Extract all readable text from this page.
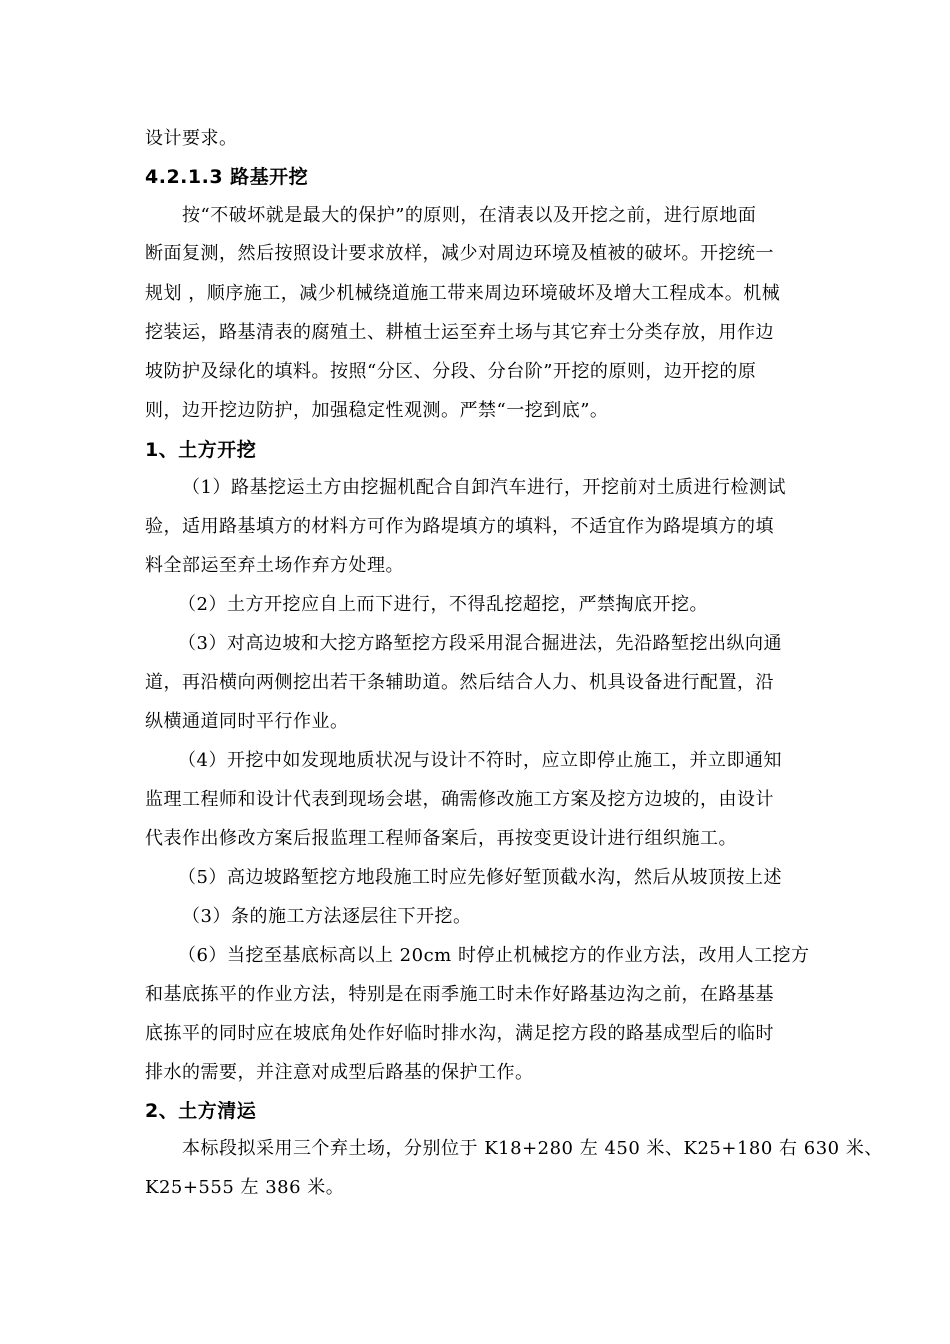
设计要求。
4.2.1.3 路基开挖
按“不破坏就是最大的保护”的原则，在清表以及开挖之前，进行原地面
断面复测，然后按照设计要求放样，减少对周边环境及植被的破坏。开挖统一
规划 ，顺序施工，减少机械绕道施工带来周边环境破坏及增大工程成本。机械
挖装运，路基清表的腐殖土、耕植士运至弃土场与其它弃士分类存放，用作边
坡防护及绿化的填料。按照“分区、分段、分台阶”开挖的原则，边开挖的原
则，边开挖边防护，加强稳定性观测。严禁“一挖到底”。
1、土方开挖
（1）路基挖运土方由挖掘机配合自卸汽车进行，开挖前对土质进行检测试
验，适用路基填方的材料方可作为路堤填方的填料，不适宜作为路堤填方的填
料全部运至弃土场作弃方处理。
（2）土方开挖应自上而下进行，不得乱挖超挖，严禁掏底开挖。
（3）对高边坡和大挖方路堑挖方段采用混合掘进法，先沿路堑挖出纵向通
道，再沿横向两侧挖出若干条辅助道。然后结合人力、机具设备进行配置，沿
纵横通道同时平行作业。
（4）开挖中如发现地质状况与设计不符时，应立即停止施工，并立即通知
监理工程师和设计代表到现场会堪，确需修改施工方案及挖方边坡的，由设计
代表作出修改方案后报监理工程师备案后，再按变更设计进行组织施工。
（5）高边坡路堑挖方地段施工时应先修好堑顶截水沟，然后从坡顶按上述
（3）条的施工方法逐层往下开挖。
（6）当挖至基底标高以上 20cm 时停止机械挖方的作业方法，改用人工挖方
和基底拣平的作业方法，特别是在雨季施工时未作好路基边沟之前，在路基基
底拣平的同时应在坡底角处作好临时排水沟，满足挖方段的路基成型后的临时
排水的需要，并注意对成型后路基的保护工作。
2、土方清运
本标段拟采用三个弃土场，分别位于 K18+280 左 450 米、K25+180 右 630 米、
K25+555 左 386 米。
